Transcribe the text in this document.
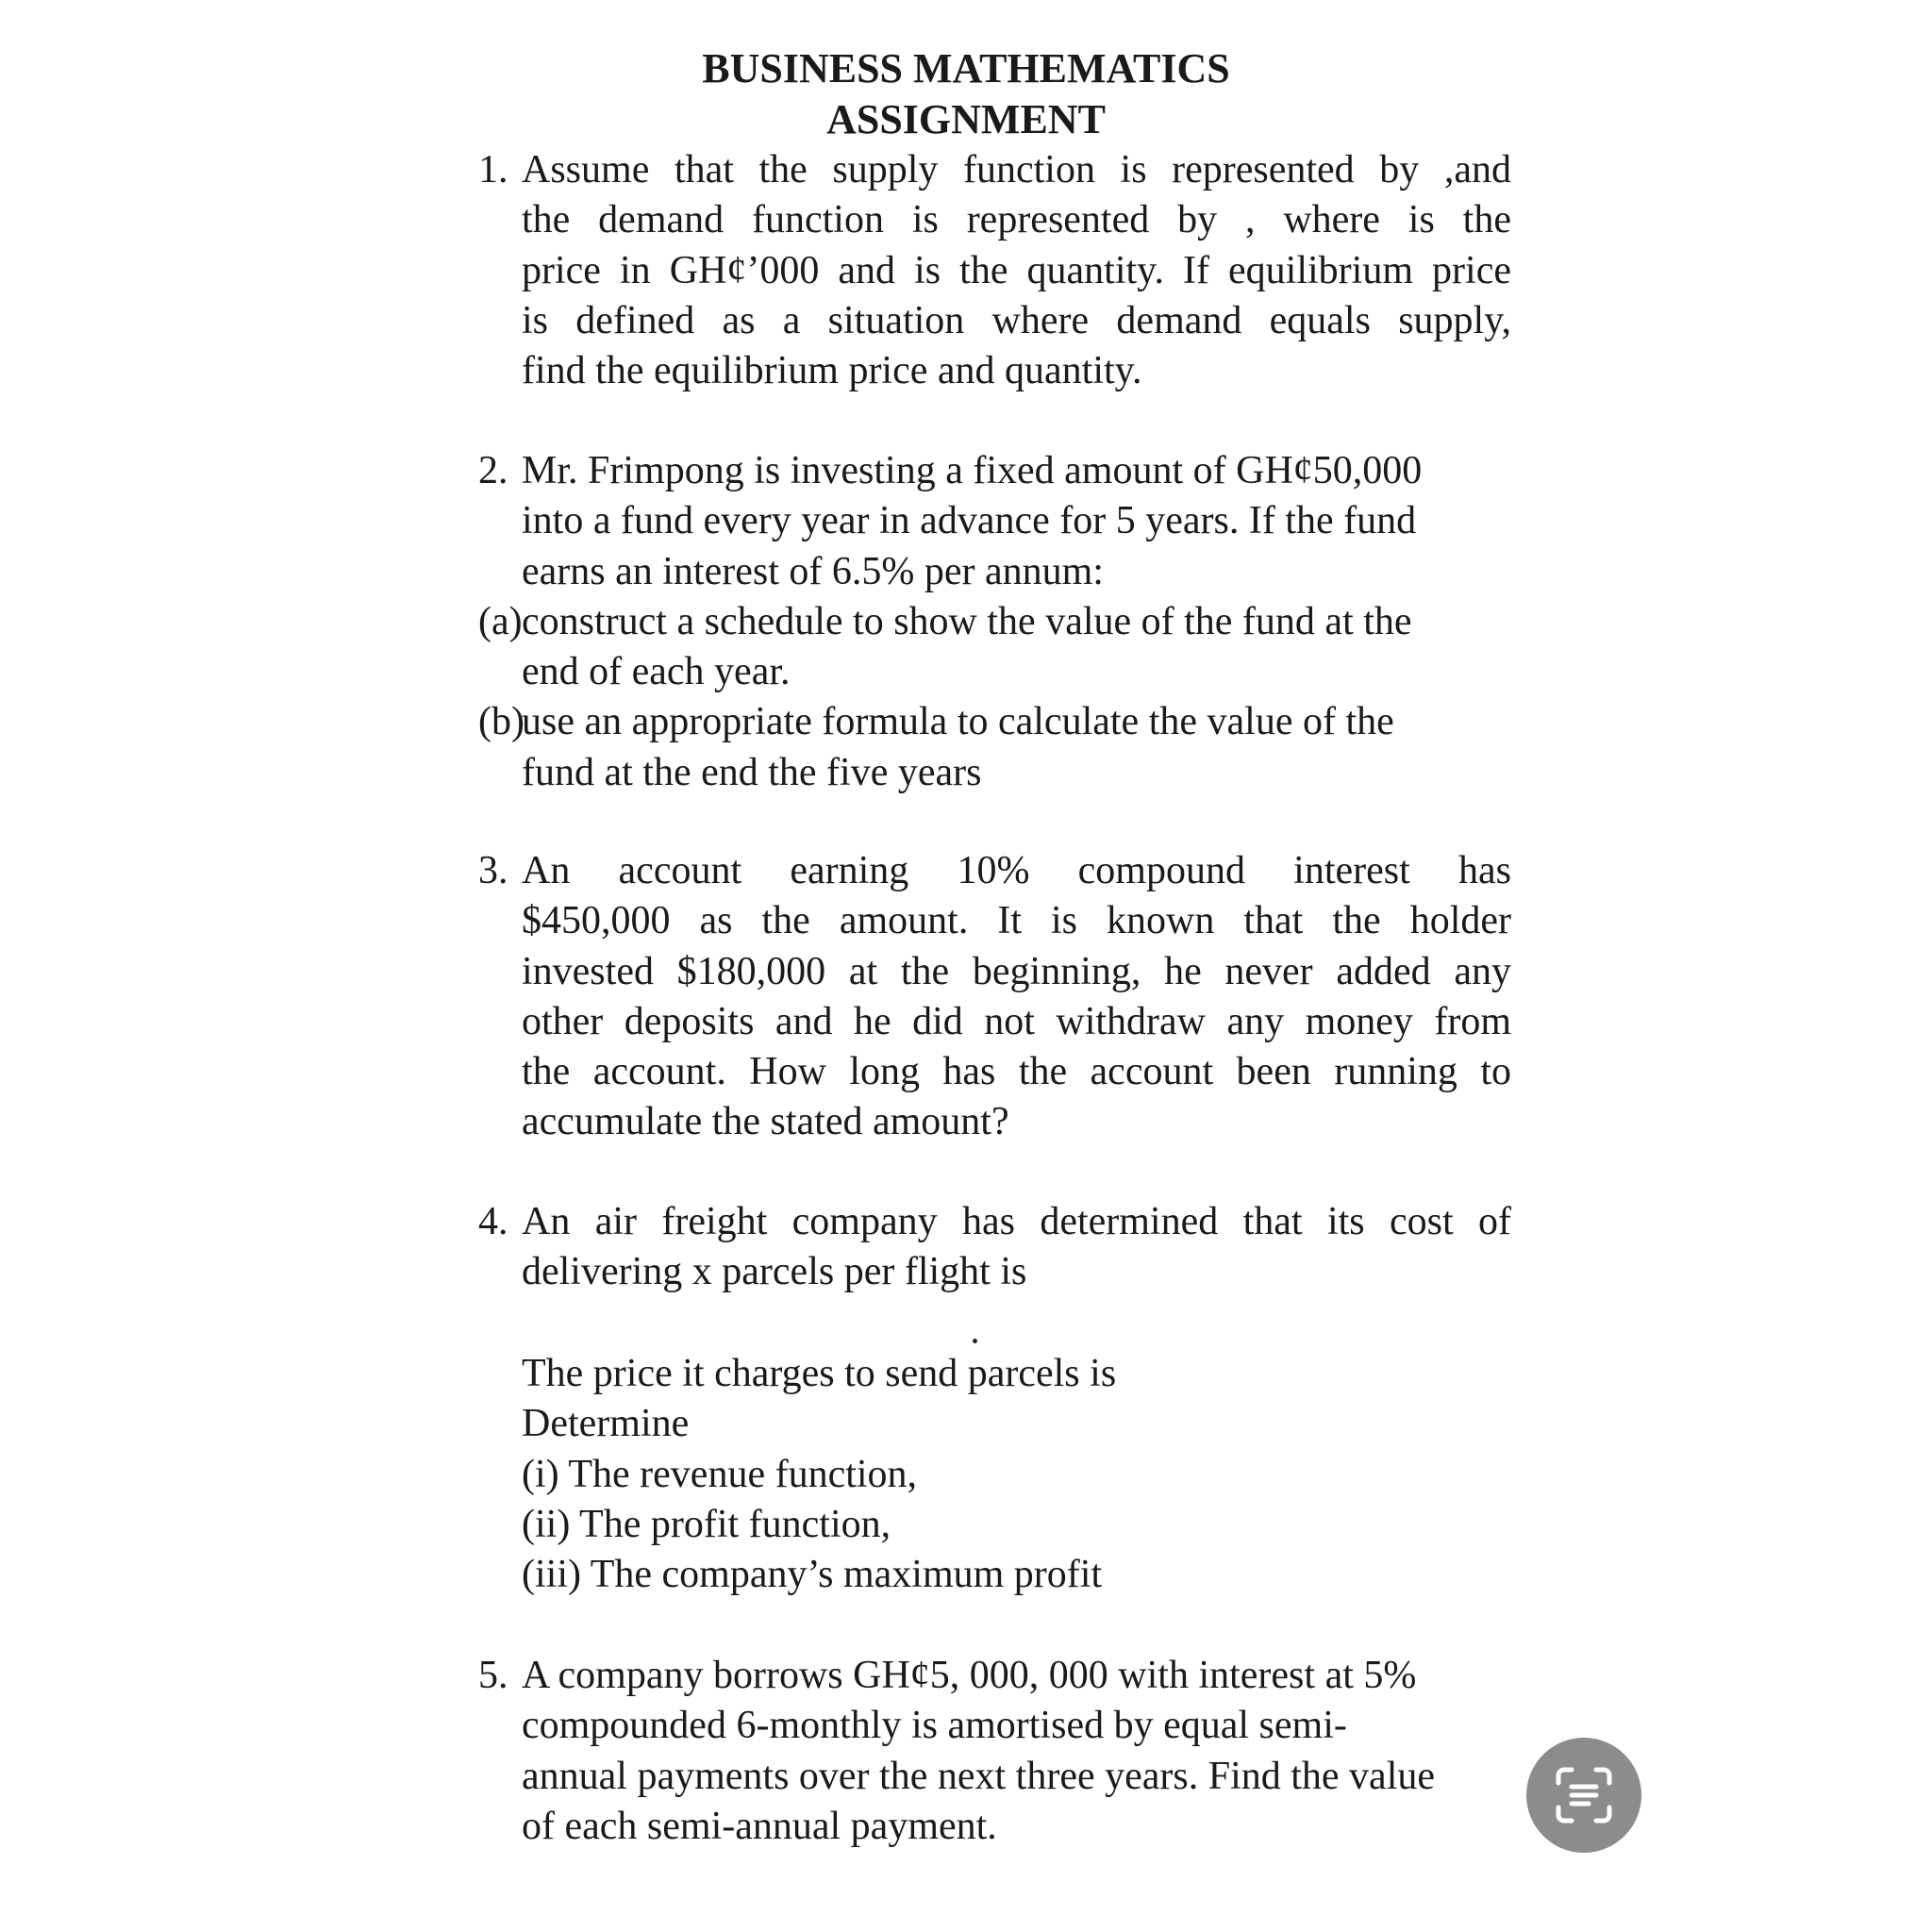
BUSINESS MATHEMATICS
ASSIGNMENT
1. Assume that the supply function is represented by ,and
the demand function is represented by , where is the
price in GH¢’000 and is the quantity. If equilibrium price
is defined as a situation where demand equals supply,
find the equilibrium price and quantity.
2. Mr. Frimpong is investing a fixed amount of GH¢50,000
into a fund every year in advance for 5 years. If the fund
earns an interest of 6.5% per annum:
(a) construct a schedule to show the value of the fund at the
end of each year.
(b)
use an appropriate formula to calculate the value of the
fund at the end the five years
3. An account earning 10% compound interest has
$450,000 as the amount. It is known that the holder
invested $180,000 at the beginning, he never added any
other deposits and he did not withdraw any money from
the account. How long has the account been running to
accumulate the stated amount?
4. An air freight company has determined that its cost of
delivering x parcels per flight is
The price it charges to send parcels is
Determine
(i) The revenue function,
(ii) The profit function,
(iii) The company’s maximum profit
5. A company borrows GH¢5, 000, 000 with interest at 5%
compounded 6-monthly is amortised by equal semi-
annual payments over the next three years. Find the value
of each semi-annual payment.
